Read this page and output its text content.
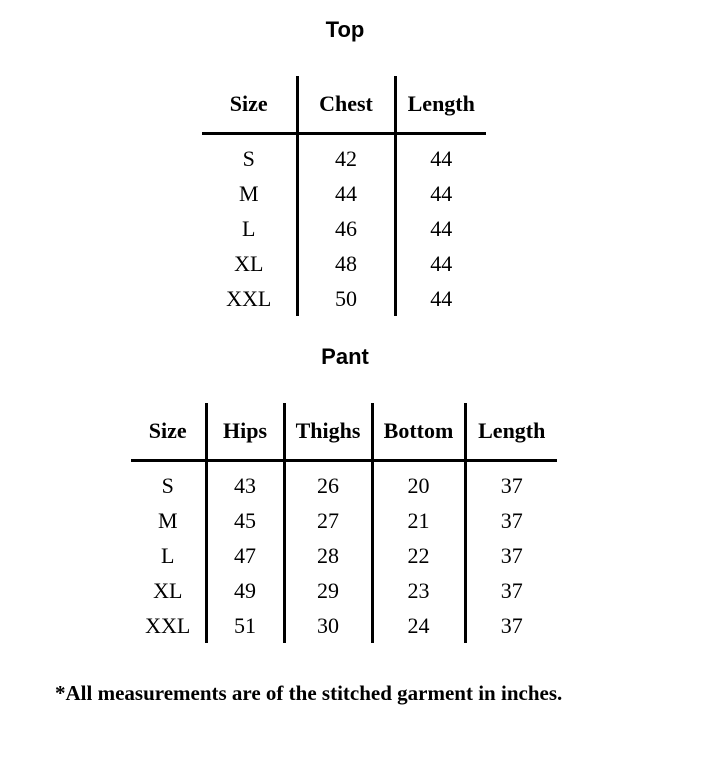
Top
Size	Chest	Length
S	42	44
M	44	44
L	46	44
XL	48	44
XXL	50	44
Pant
Size	Hips	Thighs	Bottom	Length
S	43	26	20	37
M	45	27	21	37
L	47	28	22	37
XL	49	29	23	37
XXL	51	30	24	37
*All measurements are of the stitched garment in inches.
